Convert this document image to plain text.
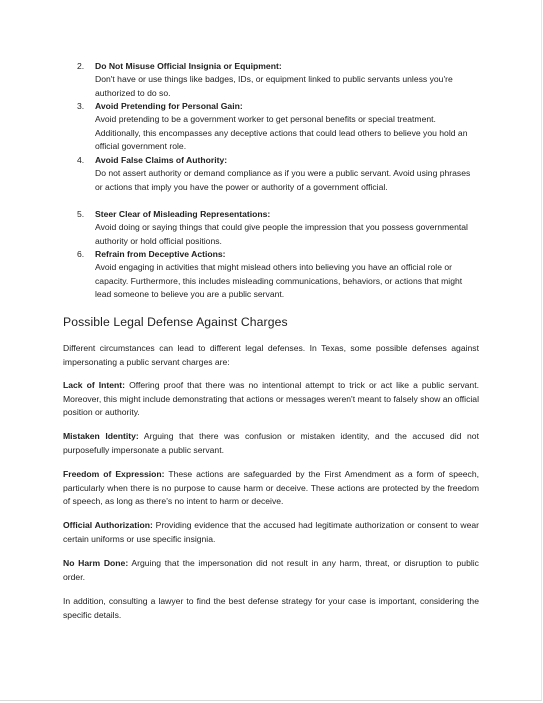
2.	Do Not Misuse Official Insignia or Equipment:
Don't have or use things like badges, IDs, or equipment linked to public servants unless you're authorized to do so.
3.	Avoid Pretending for Personal Gain:
Avoid pretending to be a government worker to get personal benefits or special treatment. Additionally, this encompasses any deceptive actions that could lead others to believe you hold an official government role.
4.	Avoid False Claims of Authority:
Do not assert authority or demand compliance as if you were a public servant. Avoid using phrases or actions that imply you have the power or authority of a government official.
5.	Steer Clear of Misleading Representations:
Avoid doing or saying things that could give people the impression that you possess governmental authority or hold official positions.
6.	Refrain from Deceptive Actions:
Avoid engaging in activities that might mislead others into believing you have an official role or capacity. Furthermore, this includes misleading communications, behaviors, or actions that might lead someone to believe you are a public servant.
Possible Legal Defense Against Charges

Different circumstances can lead to different legal defenses. In Texas, some possible defenses against impersonating a public servant charges are:

Lack of Intent: Offering proof that there was no intentional attempt to trick or act like a public servant. Moreover, this might include demonstrating that actions or messages weren't meant to falsely show an official position or authority.

Mistaken Identity: Arguing that there was confusion or mistaken identity, and the accused did not purposefully impersonate a public servant.

Freedom of Expression: These actions are safeguarded by the First Amendment as a form of speech, particularly when there is no purpose to cause harm or deceive. These actions are protected by the freedom of speech, as long as there's no intent to harm or deceive.

Official Authorization: Providing evidence that the accused had legitimate authorization or consent to wear certain uniforms or use specific insignia.

No Harm Done: Arguing that the impersonation did not result in any harm, threat, or disruption to public order.

In addition, consulting a lawyer to find the best defense strategy for your case is important, considering the specific details.
